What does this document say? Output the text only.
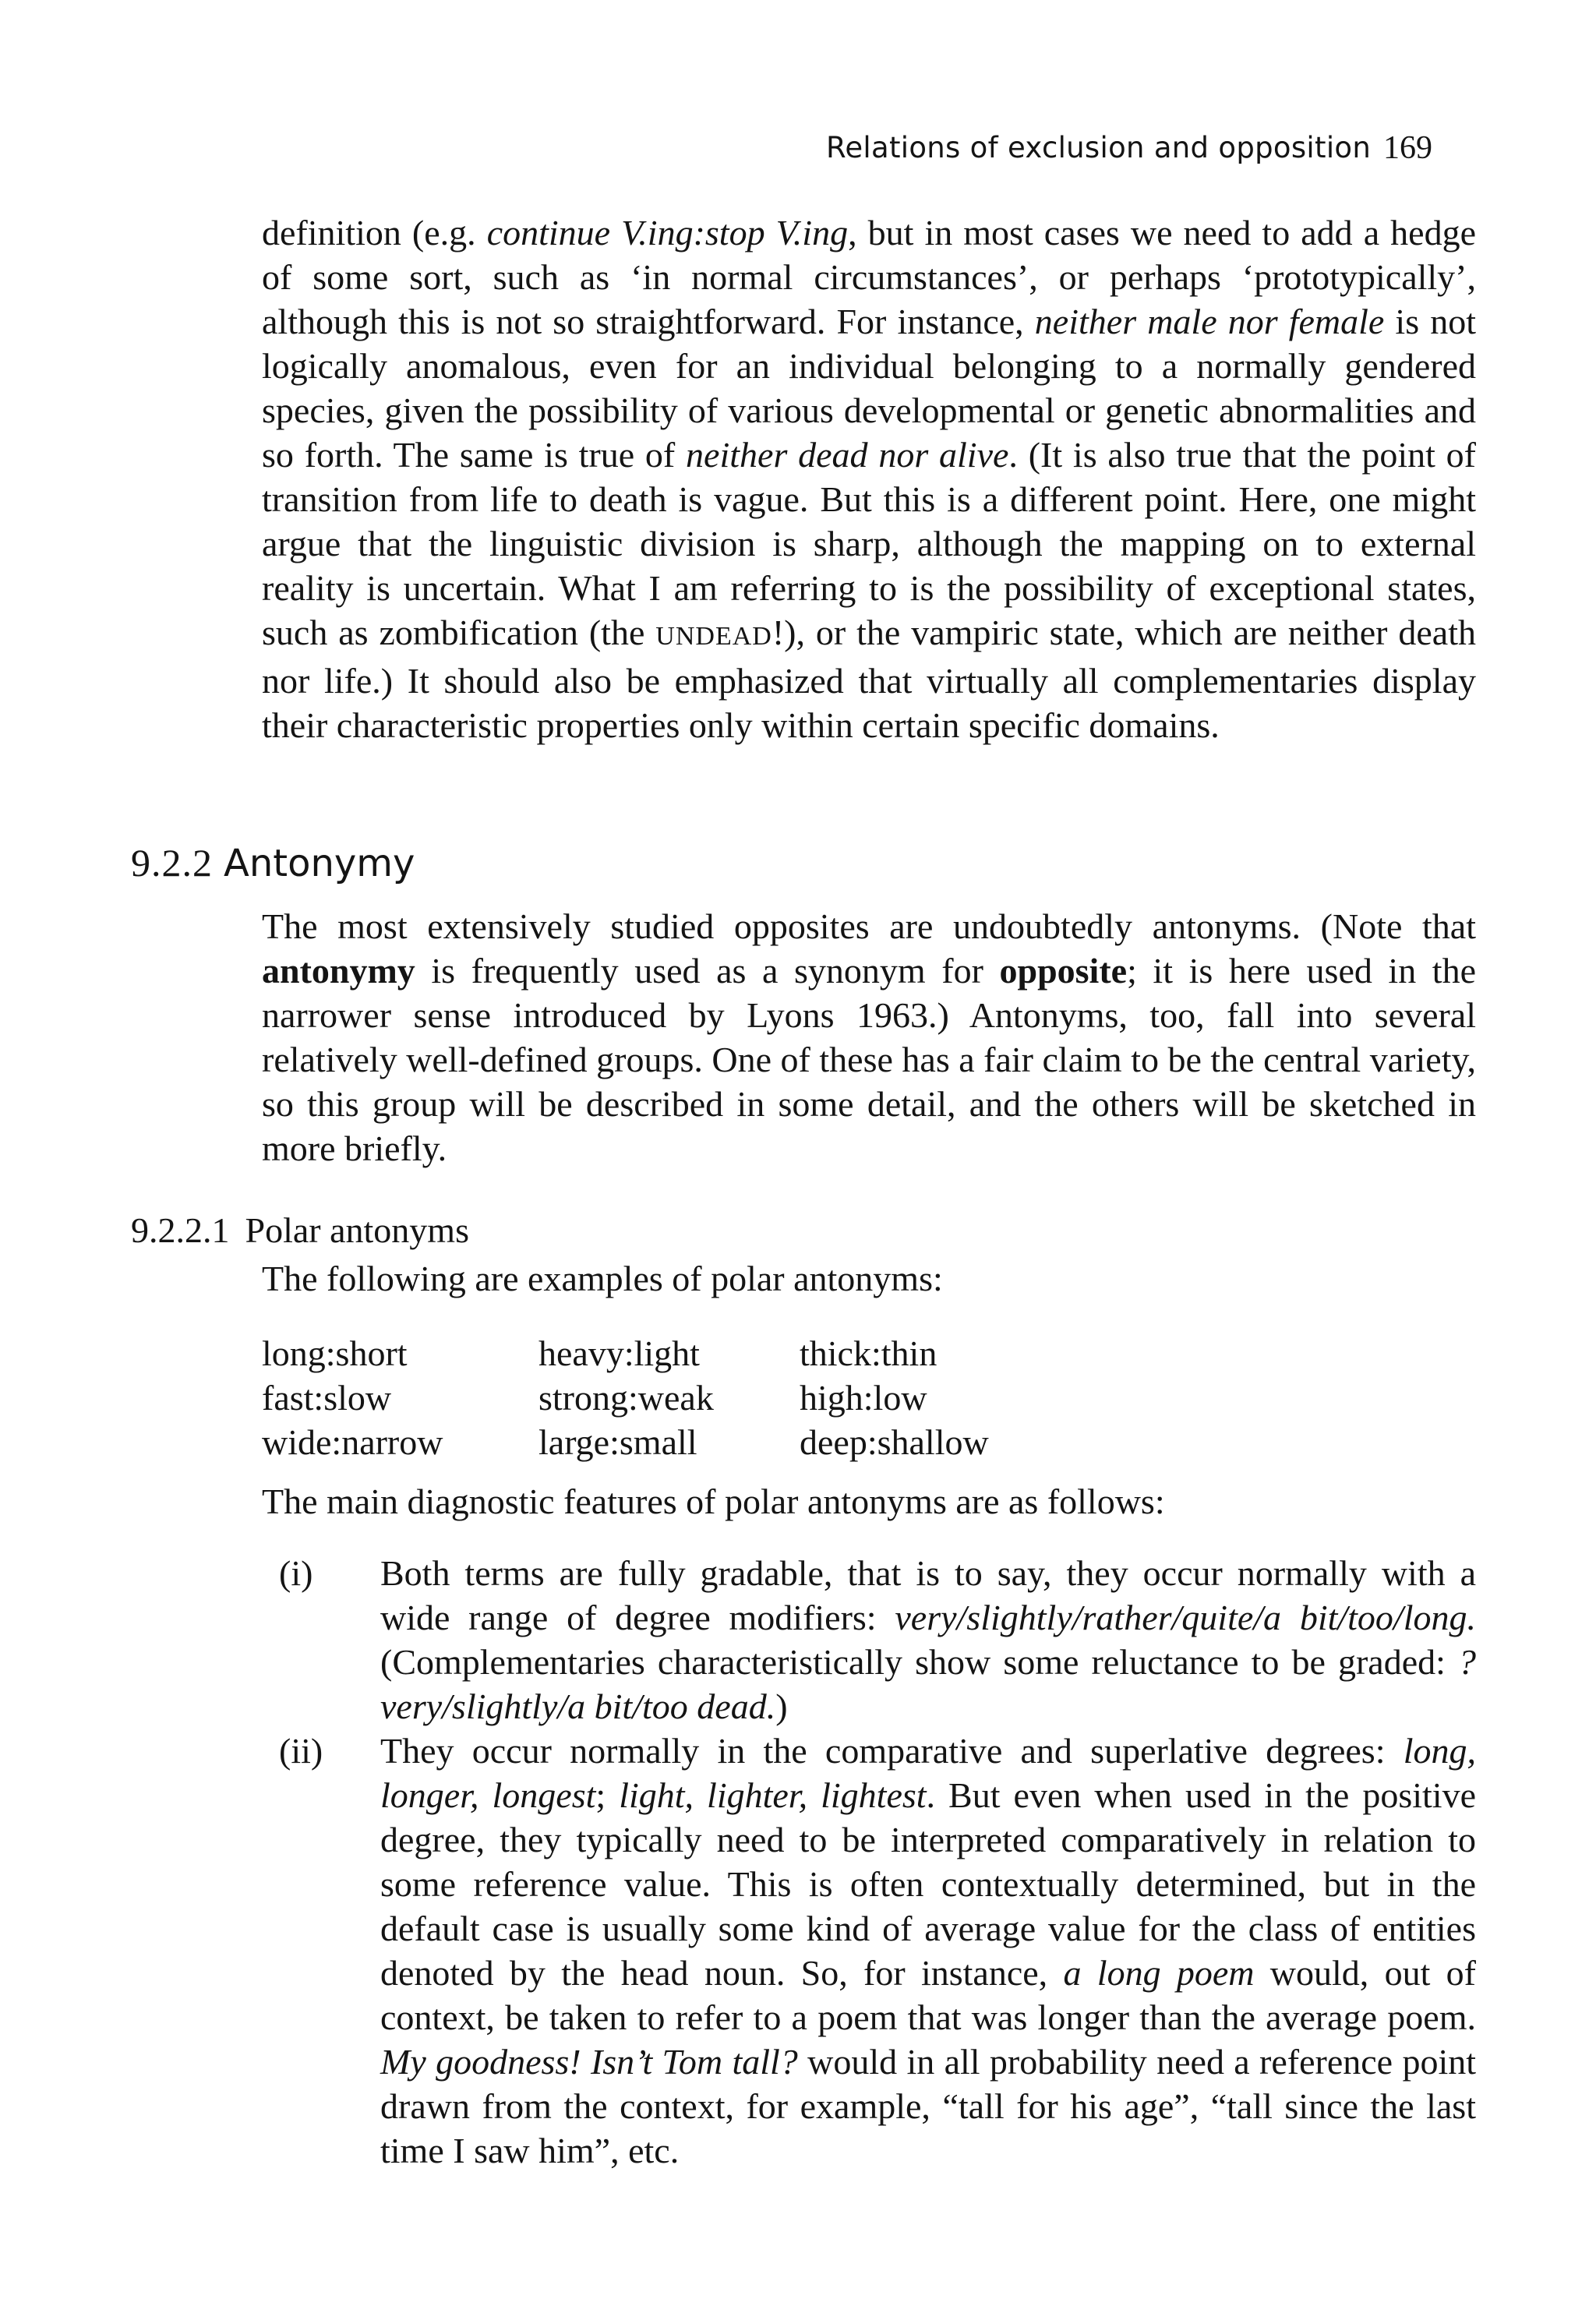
Relations of exclusion and opposition 169
definition (e.g. continue V.ing:stop V.ing, but in most cases we need to add a hedge of some sort, such as ‘in normal circumstances’, or perhaps ‘prototypically’, although this is not so straightforward. For instance, neither male nor female is not logically anomalous, even for an individual belonging to a normally gendered species, given the possibility of various developmental or genetic abnormalities and so forth. The same is true of neither dead nor alive. (It is also true that the point of transition from life to death is vague. But this is a different point. Here, one might argue that the linguistic division is sharp, although the mapping on to external reality is uncertain. What I am referring to is the possibility of exceptional states, such as zombification (the UNDEAD!), or the vampiric state, which are neither death nor life.) It should also be emphasized that virtually all complementaries display their characteristic properties only within certain specific domains.
9.2.2 Antonymy
The most extensively studied opposites are undoubtedly antonyms. (Note that antonymy is frequently used as a synonym for opposite; it is here used in the narrower sense introduced by Lyons 1963.) Antonyms, too, fall into several relatively well-defined groups. One of these has a fair claim to be the central variety, so this group will be described in some detail, and the others will be sketched in more briefly.
9.2.2.1 Polar antonyms
The following are examples of polar antonyms:
long:short	heavy:light	thick:thin
fast:slow	strong:weak	high:low
wide:narrow	large:small	deep:shallow
The main diagnostic features of polar antonyms are as follows:
(i)	Both terms are fully gradable, that is to say, they occur normally with a wide range of degree modifiers: very/slightly/rather/quite/a bit/too/long. (Complementaries characteristically show some reluctance to be graded: ?very/slightly/a bit/too dead.)
(ii)	They occur normally in the comparative and superlative degrees: long, longer, longest; light, lighter, lightest. But even when used in the positive degree, they typically need to be interpreted comparatively in relation to some reference value. This is often contextually determined, but in the default case is usually some kind of average value for the class of entities denoted by the head noun. So, for instance, a long poem would, out of context, be taken to refer to a poem that was longer than the average poem. My goodness! Isn’t Tom tall? would in all probability need a reference point drawn from the context, for example, “tall for his age”, “tall since the last time I saw him”, etc.
